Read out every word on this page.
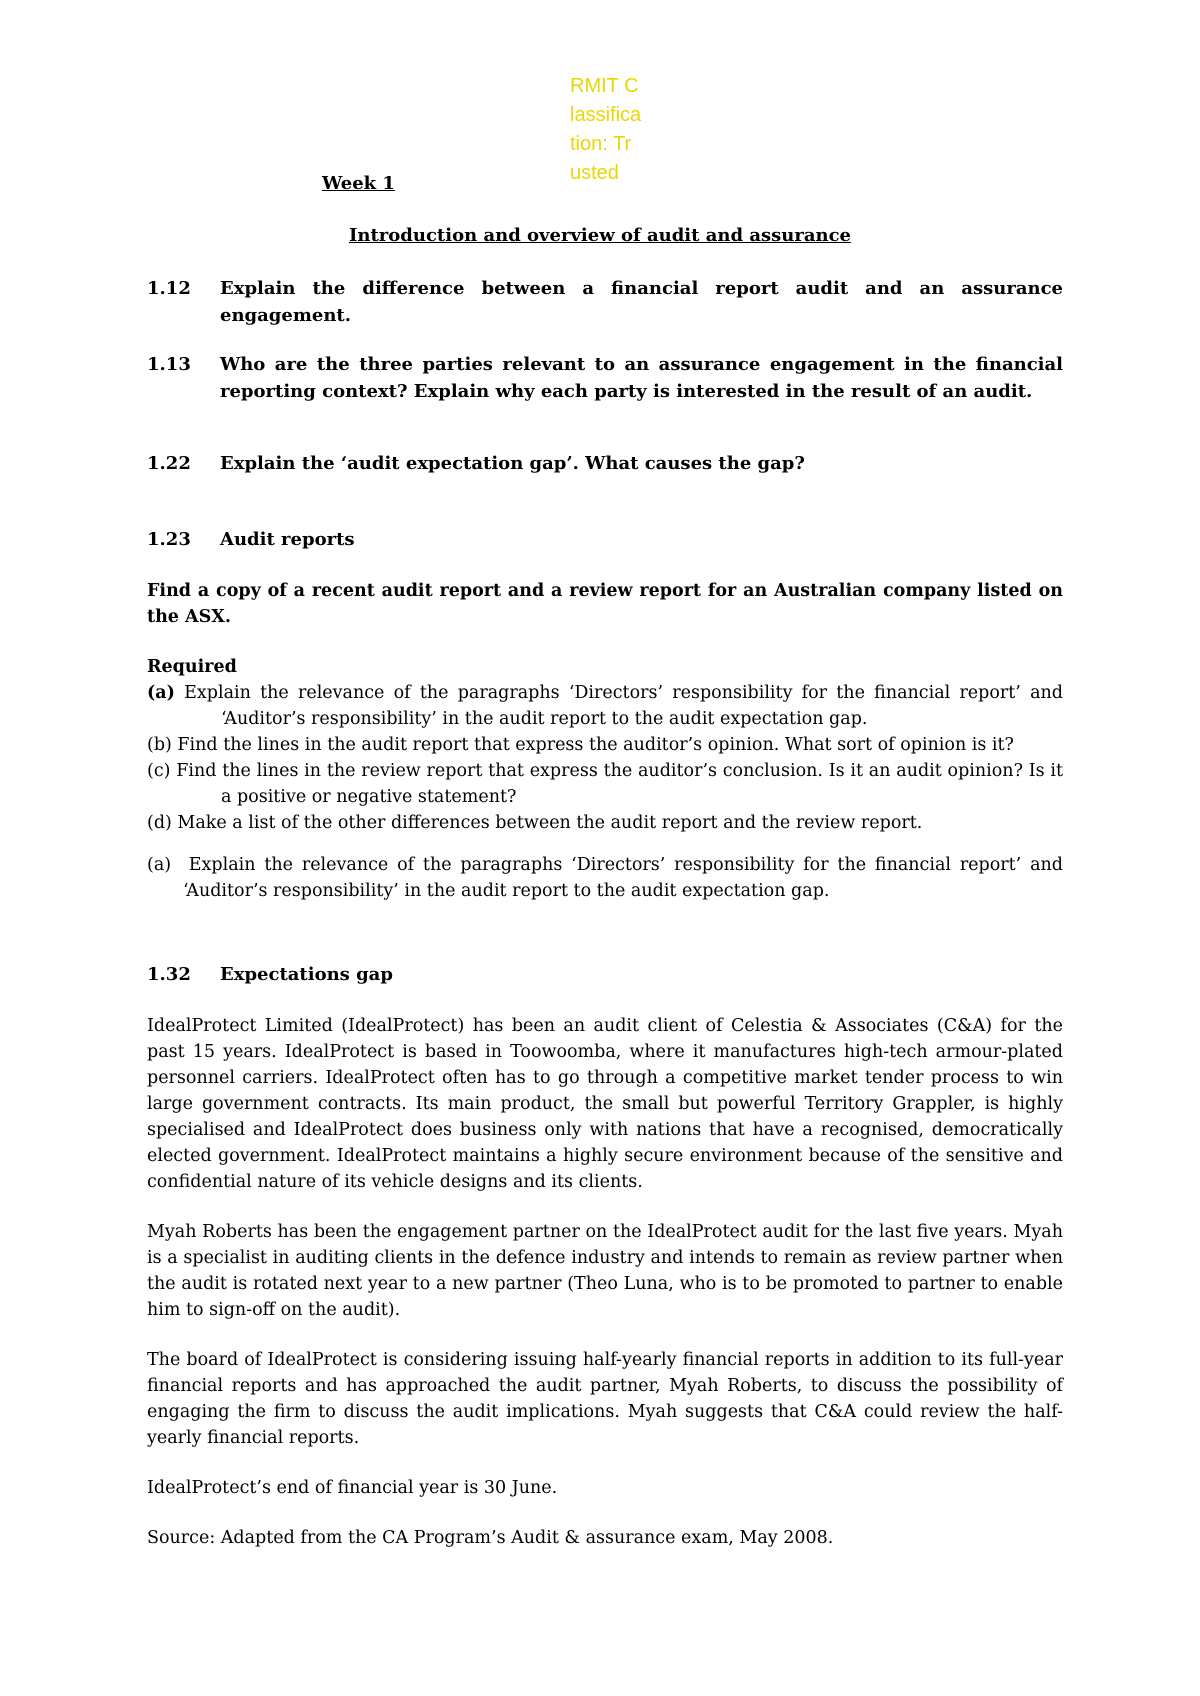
RMIT Classification: Trusted
Week 1
Introduction and overview of audit and assurance
1.12	Explain the difference between a financial report audit and an assurance engagement.
1.13	Who are the three parties relevant to an assurance engagement in the financial reporting context? Explain why each party is interested in the result of an audit.
1.22	Explain the ‘audit expectation gap’. What causes the gap?
1.23	Audit reports

Find a copy of a recent audit report and a review report for an Australian company listed on the ASX.

Required

(a) Explain the relevance of the paragraphs ‘Directors’ responsibility for the financial report’ and ‘Auditor’s responsibility’ in the audit report to the audit expectation gap.

(b) Find the lines in the audit report that express the auditor’s opinion. What sort of opinion is it?

(c) Find the lines in the review report that express the auditor’s conclusion. Is it an audit opinion? Is it a positive or negative statement?

(d) Make a list of the other differences between the audit report and the review report.

(a) Explain the relevance of the paragraphs ‘Directors’ responsibility for the financial report’ and ‘Auditor’s responsibility’ in the audit report to the audit expectation gap.

1.32	Expectations gap

IdealProtect Limited (IdealProtect) has been an audit client of Celestia & Associates (C&A) for the past 15 years. IdealProtect is based in Toowoomba, where it manufactures high-tech armour-plated personnel carriers. IdealProtect often has to go through a competitive market tender process to win large government contracts. Its main product, the small but powerful Territory Grappler, is highly specialised and IdealProtect does business only with nations that have a recognised, democratically elected government. IdealProtect maintains a highly secure environment because of the sensitive and confidential nature of its vehicle designs and its clients.

Myah Roberts has been the engagement partner on the IdealProtect audit for the last five years. Myah is a specialist in auditing clients in the defence industry and intends to remain as review partner when the audit is rotated next year to a new partner (Theo Luna, who is to be promoted to partner to enable him to sign-off on the audit).

The board of IdealProtect is considering issuing half-yearly financial reports in addition to its full-year financial reports and has approached the audit partner, Myah Roberts, to discuss the possibility of engaging the firm to discuss the audit implications. Myah suggests that C&A could review the half-yearly financial reports.

IdealProtect’s end of financial year is 30 June.

Source: Adapted from the CA Program’s Audit & assurance exam, May 2008.
